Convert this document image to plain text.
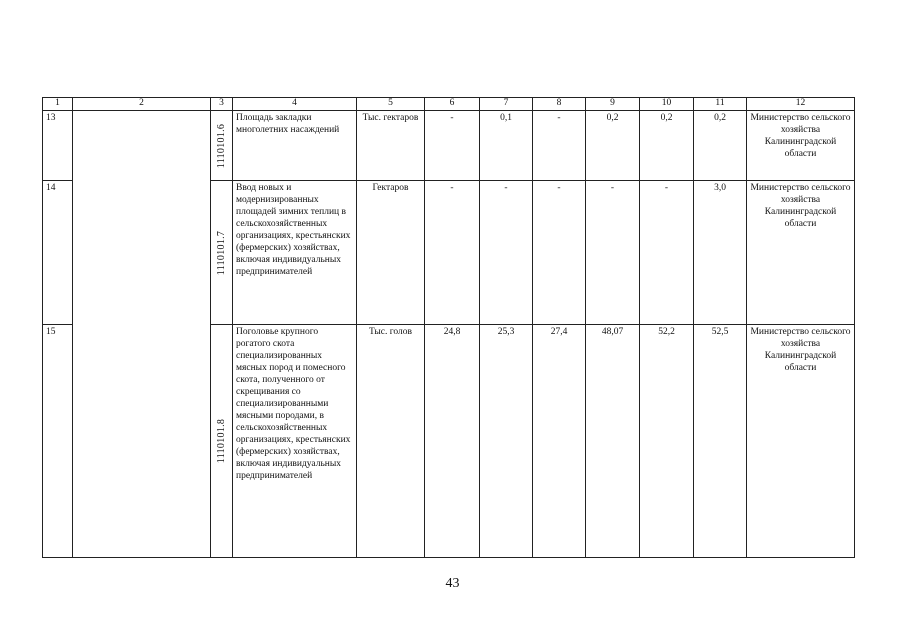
1	2	3	4	5	6	7	8	9	10	11	12
13		1110101.6	Площадь закладки многолетних насаждений	Тыс. гектаров	-	0,1	-	0,2	0,2	0,2	Министерство сельского хозяйства Калининградской области
14		1110101.7	Ввод новых и модернизированных площадей зимних теплиц в сельскохозяйственных организациях, крестьянских (фермерских) хозяйствах, включая индивидуальных предпринимателей	Гектаров	-	-	-	-	-	3,0	Министерство сельского хозяйства Калининградской области
15		1110101.8	Поголовье крупного рогатого скота специализированных мясных пород и помесного скота, полученного от скрещивания со специализированными мясными породами, в сельскохозяйственных организациях, крестьянских (фермерских) хозяйствах, включая индивидуальных предпринимателей	Тыс. голов	24,8	25,3	27,4	48,07	52,2	52,5	Министерство сельского хозяйства Калининградской области
43
